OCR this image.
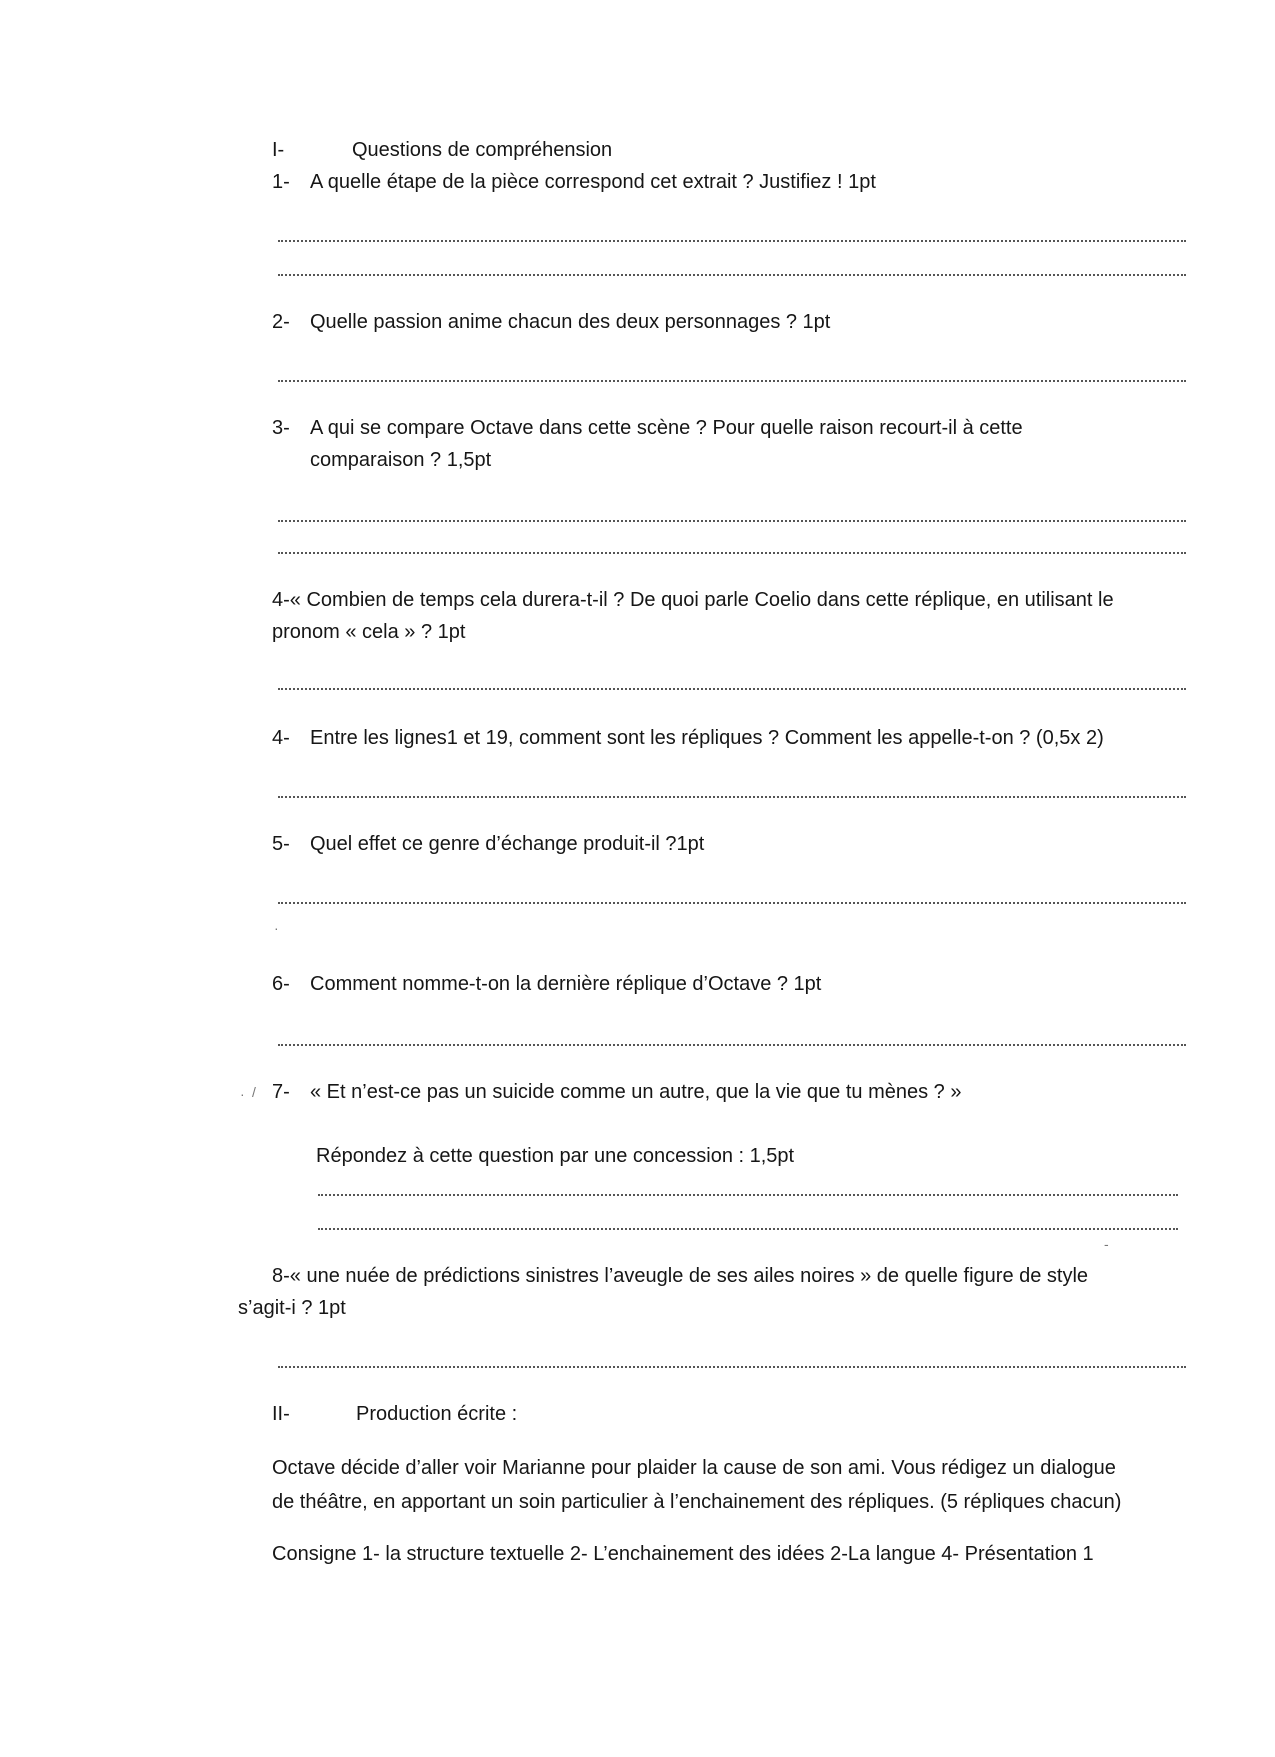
I-	Questions de compréhension
1- A quelle étape de la pièce correspond cet extrait ? Justifiez ! 1pt
2- Quelle passion anime chacun des deux personnages ? 1pt
3- A qui se compare Octave dans cette scène ? Pour quelle raison recourt-il à cette
comparaison ? 1,5pt
4-« Combien de temps cela durera-t-il ? De quoi parle Coelio dans cette réplique, en utilisant le
pronom « cela » ? 1pt
4- Entre les lignes1 et 19, comment sont les répliques ? Comment les appelle-t-on ? (0,5x 2)
5- Quel effet ce genre d’échange produit-il ?1pt
6- Comment nomme-t-on la dernière réplique d’Octave ? 1pt
7- « Et n’est-ce pas un suicide comme un autre, que la vie que tu mènes ? »
Répondez à cette question par une concession : 1,5pt
8-« une nuée de prédictions sinistres l’aveugle de ses ailes noires » de quelle figure de style
s’agit-i ? 1pt
II-	Production écrite :
Octave décide d’aller voir Marianne pour plaider la cause de son ami. Vous rédigez un dialogue
de théâtre, en apportant un soin particulier à l’enchainement des répliques. (5 répliques chacun)
Consigne 1- la structure textuelle 2- L’enchainement des idées 2-La langue 4- Présentation 1
· /
·
-
